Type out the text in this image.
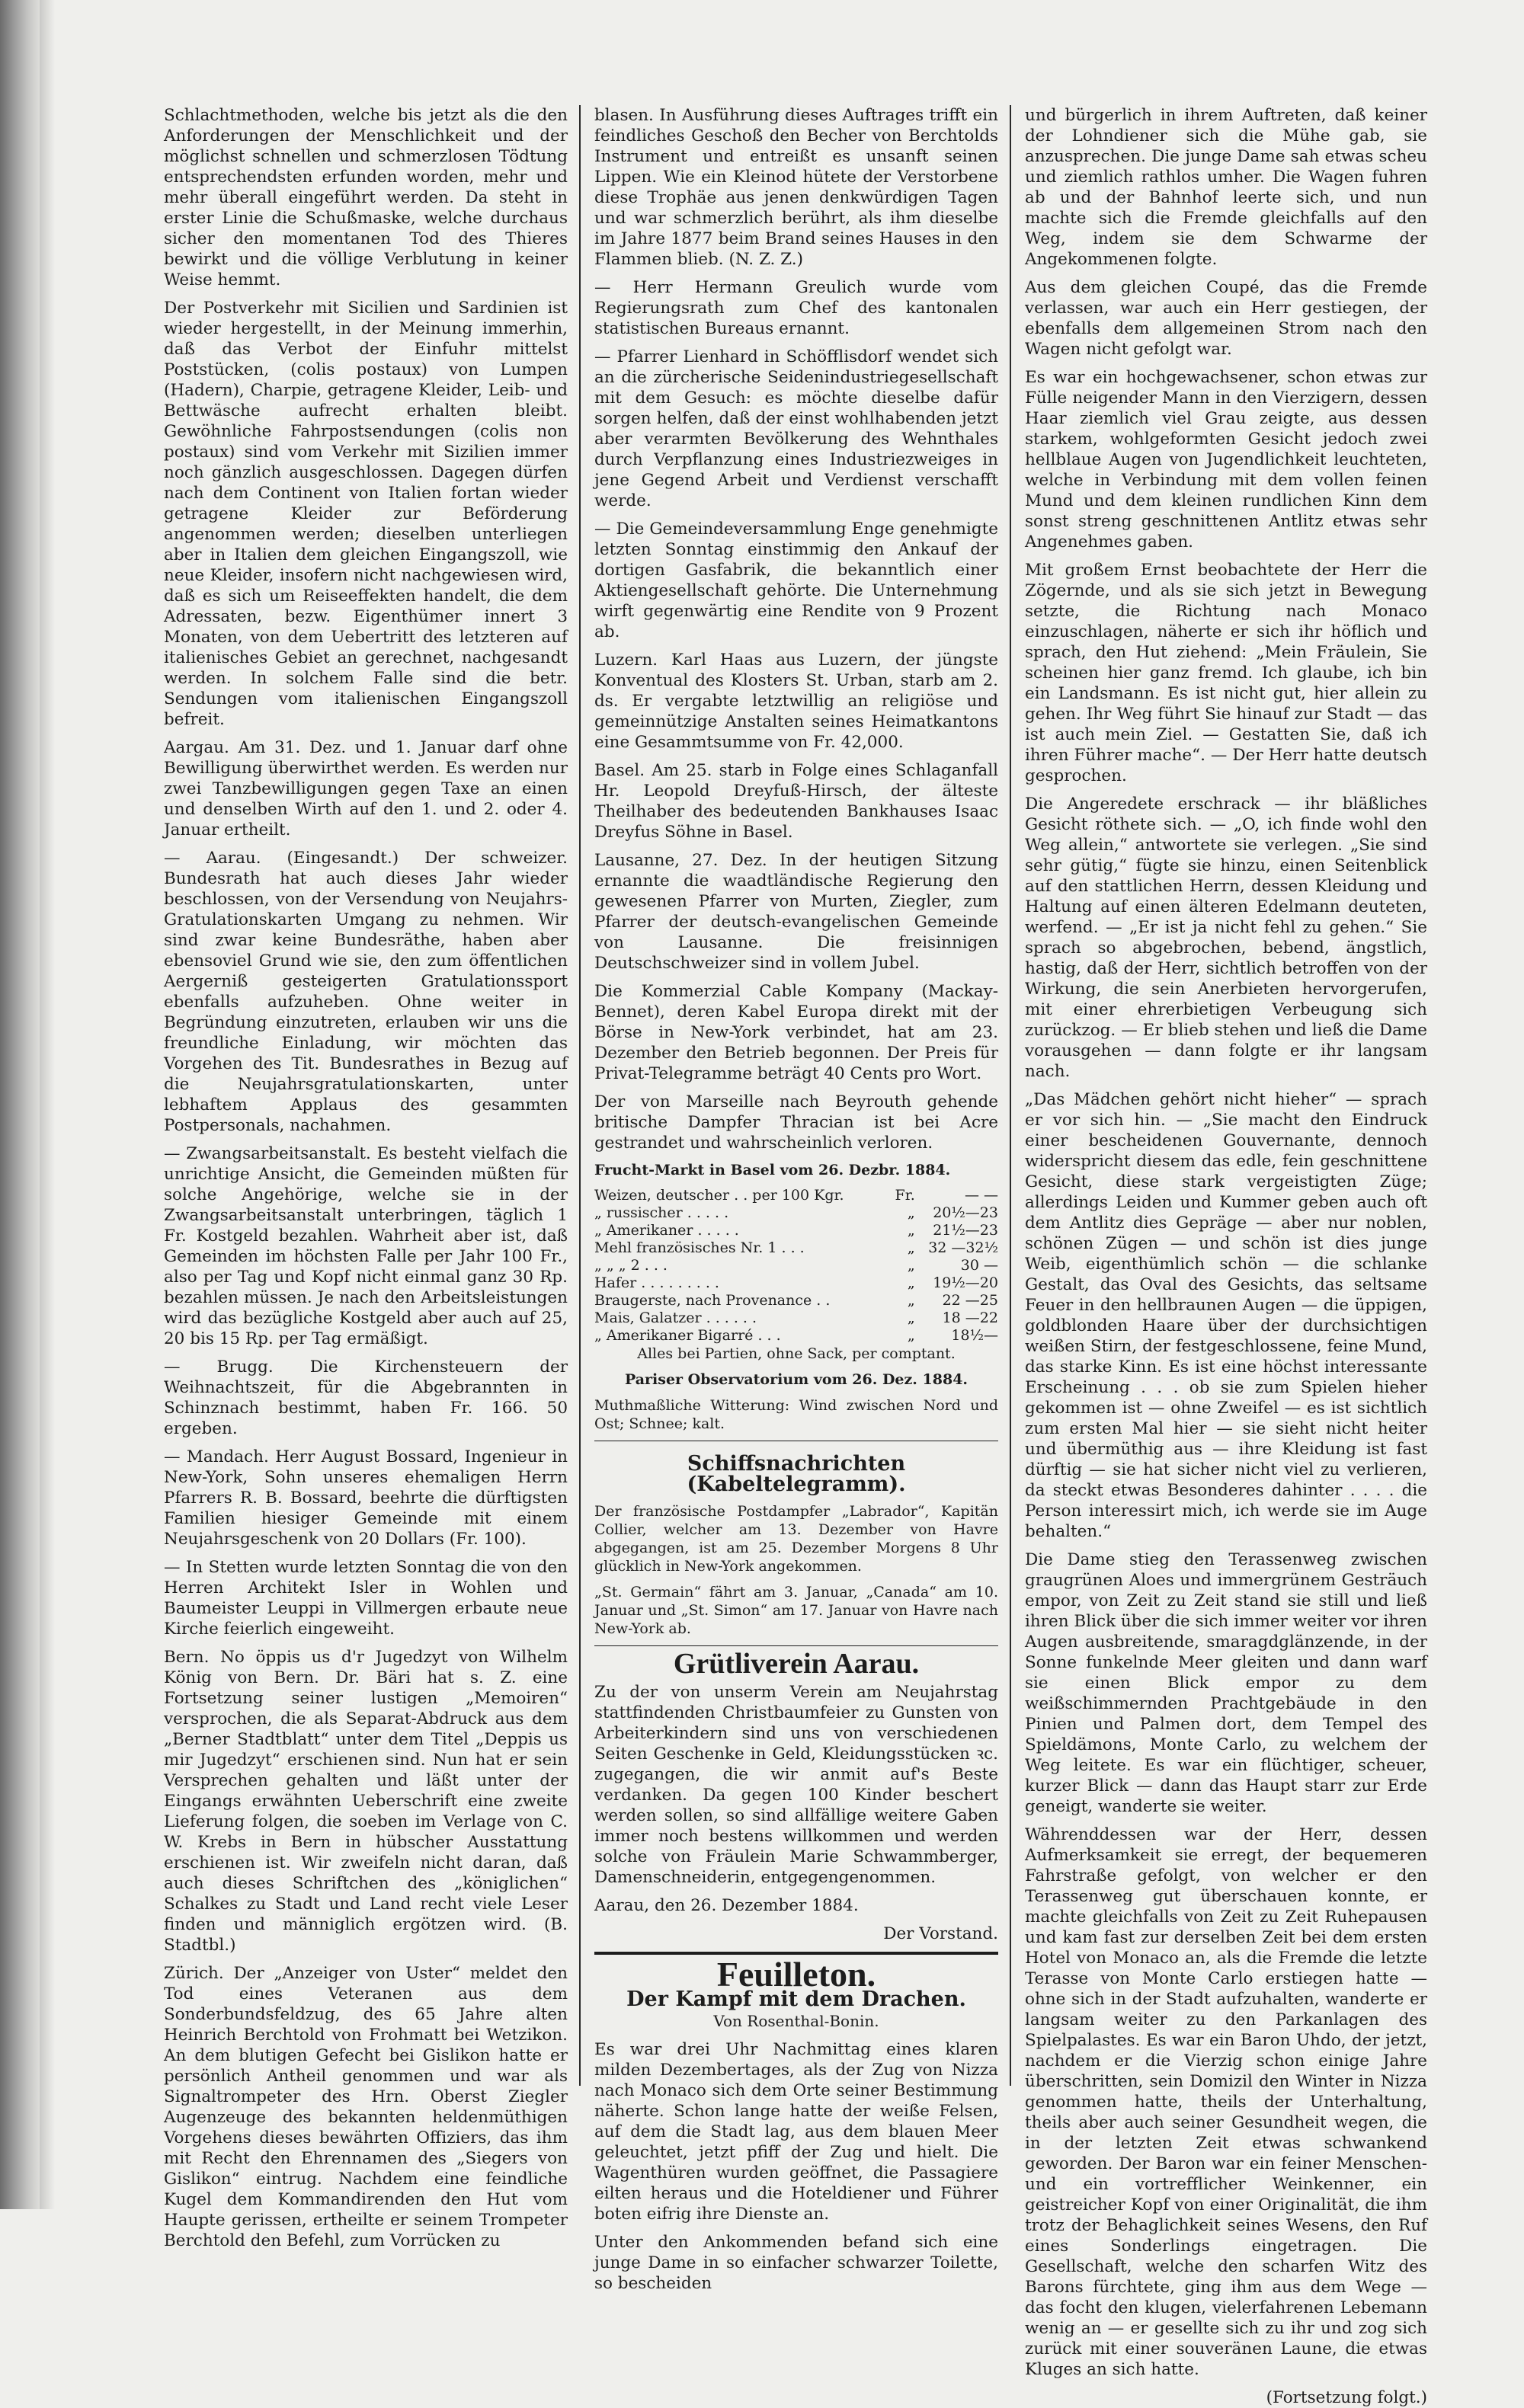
Schlachtmethoden, welche bis jetzt als die den Anforderungen der Menschlichkeit und der möglichst schnellen und schmerzlosen Tödtung entsprechendsten erfunden worden, mehr und mehr überall eingeführt werden. Da steht in erster Linie die Schußmaske, welche durchaus sicher den momentanen Tod des Thieres bewirkt und die völlige Verblutung in keiner Weise hemmt.

Der Postverkehr mit Sicilien und Sardinien ist wieder hergestellt, in der Meinung immerhin, daß das Verbot der Einfuhr mittelst Poststücken, (colis postaux) von Lumpen (Hadern), Charpie, getragene Kleider, Leib- und Bettwäsche aufrecht erhalten bleibt. Gewöhnliche Fahrpostsendungen (colis non postaux) sind vom Verkehr mit Sizilien immer noch gänzlich ausgeschlossen. Dagegen dürfen nach dem Continent von Italien fortan wieder getragene Kleider zur Beförderung angenommen werden; dieselben unterliegen aber in Italien dem gleichen Eingangszoll, wie neue Kleider, insofern nicht nachgewiesen wird, daß es sich um Reiseeffekten handelt, die dem Adressaten, bezw. Eigenthümer innert 3 Monaten, von dem Uebertritt des letzteren auf italienisches Gebiet an gerechnet, nachgesandt werden. In solchem Falle sind die betr. Sendungen vom italienischen Eingangszoll befreit.

Aargau. Am 31. Dez. und 1. Januar darf ohne Bewilligung überwirthet werden. Es werden nur zwei Tanzbewilligungen gegen Taxe an einen und denselben Wirth auf den 1. und 2. oder 4. Januar ertheilt.

— Aarau. (Eingesandt.) Der schweizer. Bundesrath hat auch dieses Jahr wieder beschlossen, von der Versendung von Neujahrs-Gratulationskarten Umgang zu nehmen. Wir sind zwar keine Bundesräthe, haben aber ebensoviel Grund wie sie, den zum öffentlichen Aergerniß gesteigerten Gratulationssport ebenfalls aufzuheben. Ohne weiter in Begründung einzutreten, erlauben wir uns die freundliche Einladung, wir möchten das Vorgehen des Tit. Bundesrathes in Bezug auf die Neujahrsgratulationskarten, unter lebhaftem Applaus des gesammten Postpersonals, nachahmen.

— Zwangsarbeitsanstalt. Es besteht vielfach die unrichtige Ansicht, die Gemeinden müßten für solche Angehörige, welche sie in der Zwangsarbeitsanstalt unterbringen, täglich 1 Fr. Kostgeld bezahlen. Wahrheit aber ist, daß Gemeinden im höchsten Falle per Jahr 100 Fr., also per Tag und Kopf nicht einmal ganz 30 Rp. bezahlen müssen. Je nach den Arbeitsleistungen wird das bezügliche Kostgeld aber auch auf 25, 20 bis 15 Rp. per Tag ermäßigt.

— Brugg. Die Kirchensteuern der Weihnachtszeit, für die Abgebrannten in Schinznach bestimmt, haben Fr. 166. 50 ergeben.

— Mandach. Herr August Bossard, Ingenieur in New-York, Sohn unseres ehemaligen Herrn Pfarrers R. B. Bossard, beehrte die dürftigsten Familien hiesiger Gemeinde mit einem Neujahrsgeschenk von 20 Dollars (Fr. 100).

— In Stetten wurde letzten Sonntag die von den Herren Architekt Isler in Wohlen und Baumeister Leuppi in Villmergen erbaute neue Kirche feierlich eingeweiht.

Bern. No öppis us d'r Jugedzyt von Wilhelm König von Bern. Dr. Bäri hat s. Z. eine Fortsetzung seiner lustigen „Memoiren“ versprochen, die als Separat-Abdruck aus dem „Berner Stadtblatt“ unter dem Titel „Deppis us mir Jugedzyt“ erschienen sind. Nun hat er sein Versprechen gehalten und läßt unter der Eingangs erwähnten Ueberschrift eine zweite Lieferung folgen, die soeben im Verlage von C. W. Krebs in Bern in hübscher Ausstattung erschienen ist. Wir zweifeln nicht daran, daß auch dieses Schriftchen des „königlichen“ Schalkes zu Stadt und Land recht viele Leser finden und männiglich ergötzen wird. (B. Stadtbl.)

Zürich. Der „Anzeiger von Uster“ meldet den Tod eines Veteranen aus dem Sonderbundsfeldzug, des 65 Jahre alten Heinrich Berchtold von Frohmatt bei Wetzikon. An dem blutigen Gefecht bei Gislikon hatte er persönlich Antheil genommen und war als Signaltrompeter des Hrn. Oberst Ziegler Augenzeuge des bekannten heldenmüthigen Vorgehens dieses bewährten Offiziers, das ihm mit Recht den Ehrennamen des „Siegers von Gislikon“ eintrug. Nachdem eine feindliche Kugel dem Kommandirenden den Hut vom Haupte gerissen, ertheilte er seinem Trompeter Berchtold den Befehl, zum Vorrücken zu

blasen. In Ausführung dieses Auftrages trifft ein feindliches Geschoß den Becher von Berchtolds Instrument und entreißt es unsanft seinen Lippen. Wie ein Kleinod hütete der Verstorbene diese Trophäe aus jenen denkwürdigen Tagen und war schmerzlich berührt, als ihm dieselbe im Jahre 1877 beim Brand seines Hauses in den Flammen blieb. (N. Z. Z.)

— Herr Hermann Greulich wurde vom Regierungsrath zum Chef des kantonalen statistischen Bureaus ernannt.

— Pfarrer Lienhard in Schöfflisdorf wendet sich an die zürcherische Seidenindustriegesellschaft mit dem Gesuch: es möchte dieselbe dafür sorgen helfen, daß der einst wohlhabenden jetzt aber verarmten Bevölkerung des Wehnthales durch Verpflanzung eines Industriezweiges in jene Gegend Arbeit und Verdienst verschafft werde.

— Die Gemeindeversammlung Enge genehmigte letzten Sonntag einstimmig den Ankauf der dortigen Gasfabrik, die bekanntlich einer Aktiengesellschaft gehörte. Die Unternehmung wirft gegenwärtig eine Rendite von 9 Prozent ab.

Luzern. Karl Haas aus Luzern, der jüngste Konventual des Klosters St. Urban, starb am 2. ds. Er vergabte letztwillig an religiöse und gemeinnützige Anstalten seines Heimatkantons eine Gesammtsumme von Fr. 42,000.

Basel. Am 25. starb in Folge eines Schlaganfall Hr. Leopold Dreyfuß-Hirsch, der älteste Theilhaber des bedeutenden Bankhauses Isaac Dreyfus Söhne in Basel.

Lausanne, 27. Dez. In der heutigen Sitzung ernannte die waadtländische Regierung den gewesenen Pfarrer von Murten, Ziegler, zum Pfarrer der deutsch-evangelischen Gemeinde von Lausanne. Die freisinnigen Deutschschweizer sind in vollem Jubel.

Die Kommerzial Cable Kompany (Mackay-Bennet), deren Kabel Europa direkt mit der Börse in New-York verbindet, hat am 23. Dezember den Betrieb begonnen. Der Preis für Privat-Telegramme beträgt 40 Cents pro Wort.

Der von Marseille nach Beyrouth gehende britische Dampfer Thracian ist bei Acre gestrandet und wahrscheinlich verloren.

Frucht-Markt in Basel vom 26. Dezbr. 1884.

Weizen, deutscher . . per 100 Kgr.	Fr.	— —
„ russischer . . . . .	„	20½—23
„ Amerikaner . . . . .	„	21½—23
Mehl französisches Nr. 1 . . .	„	32 —32½
„ „ „ 2 . . .	„	30 —
Hafer . . . . . . . . .	„	19½—20
Braugerste, nach Provenance . .	„	22 —25
Mais, Galatzer . . . . . .	„	18 —22
„ Amerikaner Bigarré . . .	„	18½—

Alles bei Partien, ohne Sack, per comptant.

Pariser Observatorium vom 26. Dez. 1884.

Muthmaßliche Witterung: Wind zwischen Nord und Ost; Schnee; kalt.

Schiffsnachrichten (Kabeltelegramm).

Der französische Postdampfer „Labrador“, Kapitän Collier, welcher am 13. Dezember von Havre abgegangen, ist am 25. Dezember Morgens 8 Uhr glücklich in New-York angekommen.

„St. Germain“ fährt am 3. Januar, „Canada“ am 10. Januar und „St. Simon“ am 17. Januar von Havre nach New-York ab.

Grütliverein Aarau.

Zu der von unserm Verein am Neujahrstag stattfindenden Christbaumfeier zu Gunsten von Arbeiterkindern sind uns von verschiedenen Seiten Geschenke in Geld, Kleidungsstücken ꝛc. zugegangen, die wir anmit auf's Beste verdanken. Da gegen 100 Kinder beschert werden sollen, so sind allfällige weitere Gaben immer noch bestens willkommen und werden solche von Fräulein Marie Schwammberger, Damenschneiderin, entgegengenommen.

Aarau, den 26. Dezember 1884.

Der Vorstand.

Feuilleton.
Der Kampf mit dem Drachen.
Von Rosenthal-Bonin.

Es war drei Uhr Nachmittag eines klaren milden Dezembertages, als der Zug von Nizza nach Monaco sich dem Orte seiner Bestimmung näherte. Schon lange hatte der weiße Felsen, auf dem die Stadt lag, aus dem blauen Meer geleuchtet, jetzt pfiff der Zug und hielt. Die Wagenthüren wurden geöffnet, die Passagiere eilten heraus und die Hoteldiener und Führer boten eifrig ihre Dienste an.

Unter den Ankommenden befand sich eine junge Dame in so einfacher schwarzer Toilette, so bescheiden

und bürgerlich in ihrem Auftreten, daß keiner der Lohndiener sich die Mühe gab, sie anzusprechen. Die junge Dame sah etwas scheu und ziemlich rathlos umher. Die Wagen fuhren ab und der Bahnhof leerte sich, und nun machte sich die Fremde gleichfalls auf den Weg, indem sie dem Schwarme der Angekommenen folgte.

Aus dem gleichen Coupé, das die Fremde verlassen, war auch ein Herr gestiegen, der ebenfalls dem allgemeinen Strom nach den Wagen nicht gefolgt war.

Es war ein hochgewachsener, schon etwas zur Fülle neigender Mann in den Vierzigern, dessen Haar ziemlich viel Grau zeigte, aus dessen starkem, wohlgeformten Gesicht jedoch zwei hellblaue Augen von Jugendlichkeit leuchteten, welche in Verbindung mit dem vollen feinen Mund und dem kleinen rundlichen Kinn dem sonst streng geschnittenen Antlitz etwas sehr Angenehmes gaben.

Mit großem Ernst beobachtete der Herr die Zögernde, und als sie sich jetzt in Bewegung setzte, die Richtung nach Monaco einzuschlagen, näherte er sich ihr höflich und sprach, den Hut ziehend: „Mein Fräulein, Sie scheinen hier ganz fremd. Ich glaube, ich bin ein Landsmann. Es ist nicht gut, hier allein zu gehen. Ihr Weg führt Sie hinauf zur Stadt — das ist auch mein Ziel. — Gestatten Sie, daß ich ihren Führer mache“. — Der Herr hatte deutsch gesprochen.

Die Angeredete erschrack — ihr bläßliches Gesicht röthete sich. — „O, ich finde wohl den Weg allein,“ antwortete sie verlegen. „Sie sind sehr gütig,“ fügte sie hinzu, einen Seitenblick auf den stattlichen Herrn, dessen Kleidung und Haltung auf einen älteren Edelmann deuteten, werfend. — „Er ist ja nicht fehl zu gehen.“ Sie sprach so abgebrochen, bebend, ängstlich, hastig, daß der Herr, sichtlich betroffen von der Wirkung, die sein Anerbieten hervorgerufen, mit einer ehrerbietigen Verbeugung sich zurückzog. — Er blieb stehen und ließ die Dame vorausgehen — dann folgte er ihr langsam nach.

„Das Mädchen gehört nicht hieher“ — sprach er vor sich hin. — „Sie macht den Eindruck einer bescheidenen Gouvernante, dennoch widerspricht diesem das edle, fein geschnittene Gesicht, diese stark vergeistigten Züge; allerdings Leiden und Kummer geben auch oft dem Antlitz dies Gepräge — aber nur noblen, schönen Zügen — und schön ist dies junge Weib, eigenthümlich schön — die schlanke Gestalt, das Oval des Gesichts, das seltsame Feuer in den hellbraunen Augen — die üppigen, goldblonden Haare über der durchsichtigen weißen Stirn, der festgeschlossene, feine Mund, das starke Kinn. Es ist eine höchst interessante Erscheinung . . . ob sie zum Spielen hieher gekommen ist — ohne Zweifel — es ist sichtlich zum ersten Mal hier — sie sieht nicht heiter und übermüthig aus — ihre Kleidung ist fast dürftig — sie hat sicher nicht viel zu verlieren, da steckt etwas Besonderes dahinter . . . . die Person interessirt mich, ich werde sie im Auge behalten.“

Die Dame stieg den Terassenweg zwischen graugrünen Aloes und immergrünem Gesträuch empor, von Zeit zu Zeit stand sie still und ließ ihren Blick über die sich immer weiter vor ihren Augen ausbreitende, smaragdglänzende, in der Sonne funkelnde Meer gleiten und dann warf sie einen Blick empor zu dem weißschimmernden Prachtgebäude in den Pinien und Palmen dort, dem Tempel des Spieldämons, Monte Carlo, zu welchem der Weg leitete. Es war ein flüchtiger, scheuer, kurzer Blick — dann das Haupt starr zur Erde geneigt, wanderte sie weiter.

Währenddessen war der Herr, dessen Aufmerksamkeit sie erregt, der bequemeren Fahrstraße gefolgt, von welcher er den Terassenweg gut überschauen konnte, er machte gleichfalls von Zeit zu Zeit Ruhepausen und kam fast zur derselben Zeit bei dem ersten Hotel von Monaco an, als die Fremde die letzte Terasse von Monte Carlo erstiegen hatte — ohne sich in der Stadt aufzuhalten, wanderte er langsam weiter zu den Parkanlagen des Spielpalastes. Es war ein Baron Uhdo, der jetzt, nachdem er die Vierzig schon einige Jahre überschritten, sein Domizil den Winter in Nizza genommen hatte, theils der Unterhaltung, theils aber auch seiner Gesundheit wegen, die in der letzten Zeit etwas schwankend geworden. Der Baron war ein feiner Menschen- und ein vortrefflicher Weinkenner, ein geistreicher Kopf von einer Originalität, die ihm trotz der Behaglichkeit seines Wesens, den Ruf eines Sonderlings eingetragen. Die Gesellschaft, welche den scharfen Witz des Barons fürchtete, ging ihm aus dem Wege — das focht den klugen, vielerfahrenen Lebemann wenig an — er gesellte sich zu ihr und zog sich zurück mit einer souveränen Laune, die etwas Kluges an sich hatte.

(Fortsetzung folgt.)
